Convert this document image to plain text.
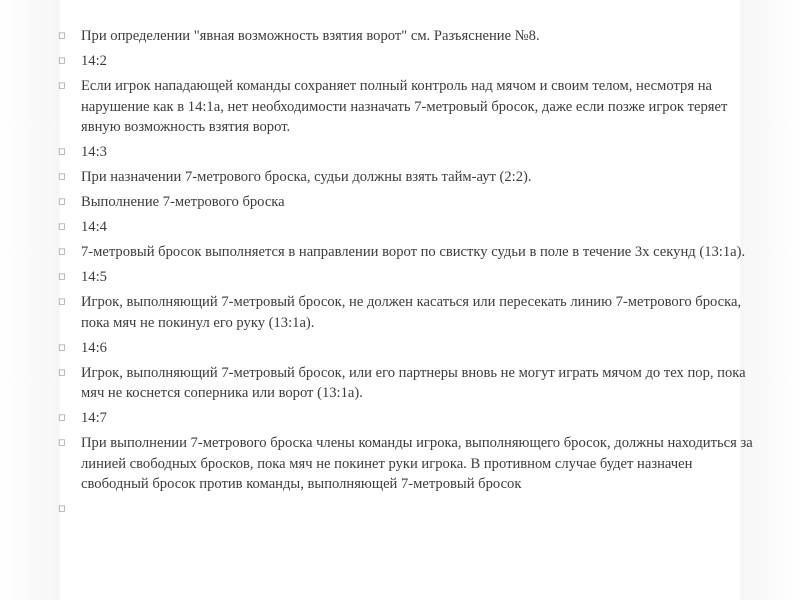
◻	При определении "явная возможность взятия ворот" см. Разъяснение №8.
◻	14:2
◻	Если игрок нападающей команды сохраняет полный контроль над мячом и своим телом, несмотря на нарушение как в 14:1а, нет необходимости назначать 7-метровый бросок, даже если позже игрок теряет явную возможность взятия ворот.
◻	14:3
◻	При назначении 7-метрового броска, судьи должны взять тайм-аут (2:2).
◻	Выполнение 7-метрового броска
◻	14:4
◻	7-метровый бросок выполняется в направлении ворот по свистку судьи в поле в течение 3х секунд (13:1а).
◻	14:5
◻	Игрок, выполняющий 7-метровый бросок, не должен касаться или пересекать линию 7-метрового броска, пока мяч не покинул его руку (13:1а).
◻	14:6
◻	Игрок, выполняющий 7-метровый бросок, или его партнеры вновь не могут играть мячом до тех пор, пока мяч не коснется соперника или ворот (13:1а).
◻	14:7
◻	При выполнении 7-метрового броска члены команды игрока, выполняющего бросок, должны находиться за линией свободных бросков, пока мяч не покинет руки игрока. В противном случае будет назначен свободный бросок против команды, выполняющей 7-метровый бросок
◻
